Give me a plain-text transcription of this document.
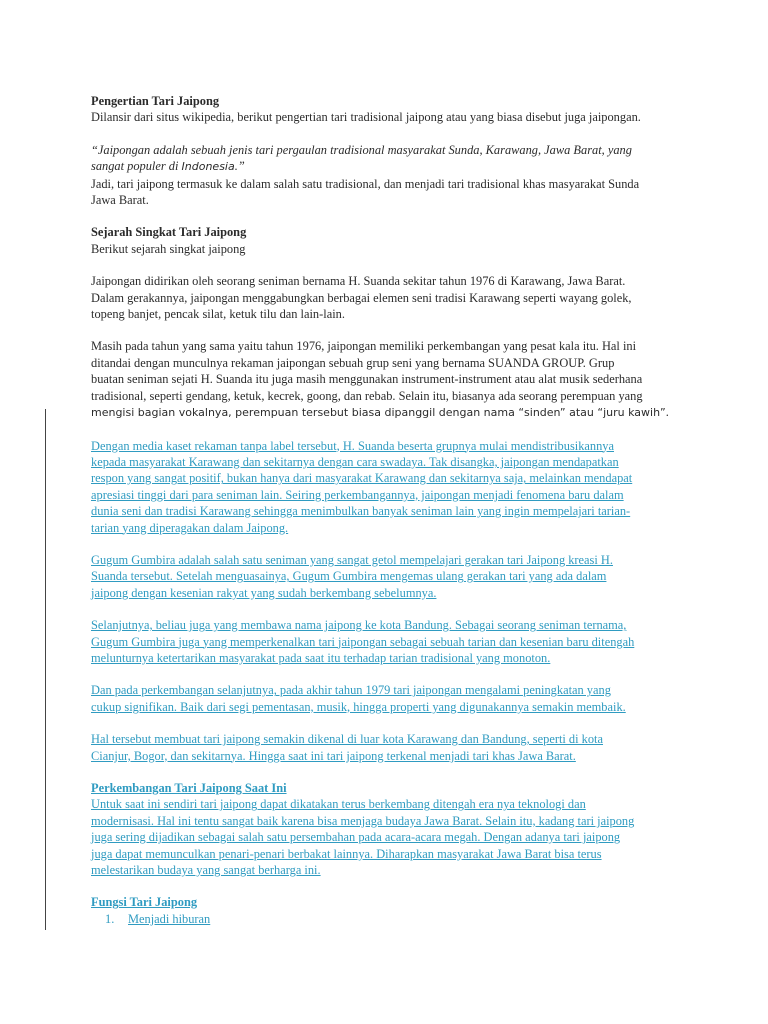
Pengertian Tari Jaipong
Dilansir dari situs wikipedia, berikut pengertian tari tradisional jaipong atau yang biasa disebut juga jaipongan.
“Jaipongan adalah sebuah jenis tari pergaulan tradisional masyarakat Sunda, Karawang, Jawa Barat, yang
sangat populer di Indonesia.”
Jadi, tari jaipong termasuk ke dalam salah satu tradisional, dan menjadi tari tradisional khas masyarakat Sunda
Jawa Barat.
Sejarah Singkat Tari Jaipong
Berikut sejarah singkat jaipong
Jaipongan didirikan oleh seorang seniman bernama H. Suanda sekitar tahun 1976 di Karawang, Jawa Barat.
Dalam gerakannya, jaipongan menggabungkan berbagai elemen seni tradisi Karawang seperti wayang golek,
topeng banjet, pencak silat, ketuk tilu dan lain-lain.
Masih pada tahun yang sama yaitu tahun 1976, jaipongan memiliki perkembangan yang pesat kala itu. Hal ini
ditandai dengan munculnya rekaman jaipongan sebuah grup seni yang bernama SUANDA GROUP. Grup
buatan seniman sejati H. Suanda itu juga masih menggunakan instrument-instrument atau alat musik sederhana
tradisional, seperti gendang, ketuk, kecrek, goong, dan rebab. Selain itu, biasanya ada seorang perempuan yang
mengisi bagian vokalnya, perempuan tersebut biasa dipanggil dengan nama “sinden” atau “juru kawih”.
Dengan media kaset rekaman tanpa label tersebut, H. Suanda beserta grupnya mulai mendistribusikannya
kepada masyarakat Karawang dan sekitarnya dengan cara swadaya. Tak disangka, jaipongan mendapatkan
respon yang sangat positif, bukan hanya dari masyarakat Karawang dan sekitarnya saja, melainkan mendapat
apresiasi tinggi dari para seniman lain. Seiring perkembangannya, jaipongan menjadi fenomena baru dalam
dunia seni dan tradisi Karawang sehingga menimbulkan banyak seniman lain yang ingin mempelajari tarian-
tarian yang diperagakan dalam Jaipong.
Gugum Gumbira adalah salah satu seniman yang sangat getol mempelajari gerakan tari Jaipong kreasi H.
Suanda tersebut. Setelah menguasainya, Gugum Gumbira mengemas ulang gerakan tari yang ada dalam
jaipong dengan kesenian rakyat yang sudah berkembang sebelumnya.
Selanjutnya, beliau juga yang membawa nama jaipong ke kota Bandung. Sebagai seorang seniman ternama,
Gugum Gumbira juga yang memperkenalkan tari jaipongan sebagai sebuah tarian dan kesenian baru ditengah
melunturnya ketertarikan masyarakat pada saat itu terhadap tarian tradisional yang monoton.
Dan pada perkembangan selanjutnya, pada akhir tahun 1979 tari jaipongan mengalami peningkatan yang
cukup signifikan. Baik dari segi pementasan, musik, hingga properti yang digunakannya semakin membaik.
Hal tersebut membuat tari jaipong semakin dikenal di luar kota Karawang dan Bandung, seperti di kota
Cianjur, Bogor, dan sekitarnya. Hingga saat ini tari jaipong terkenal menjadi tari khas Jawa Barat.
Perkembangan Tari Jaipong Saat Ini
Untuk saat ini sendiri tari jaipong dapat dikatakan terus berkembang ditengah era nya teknologi dan
modernisasi. Hal ini tentu sangat baik karena bisa menjaga budaya Jawa Barat. Selain itu, kadang tari jaipong
juga sering dijadikan sebagai salah satu persembahan pada acara-acara megah. Dengan adanya tari jaipong
juga dapat memunculkan penari-penari berbakat lainnya. Diharapkan masyarakat Jawa Barat bisa terus
melestarikan budaya yang sangat berharga ini.
Fungsi Tari Jaipong
1. Menjadi hiburan
